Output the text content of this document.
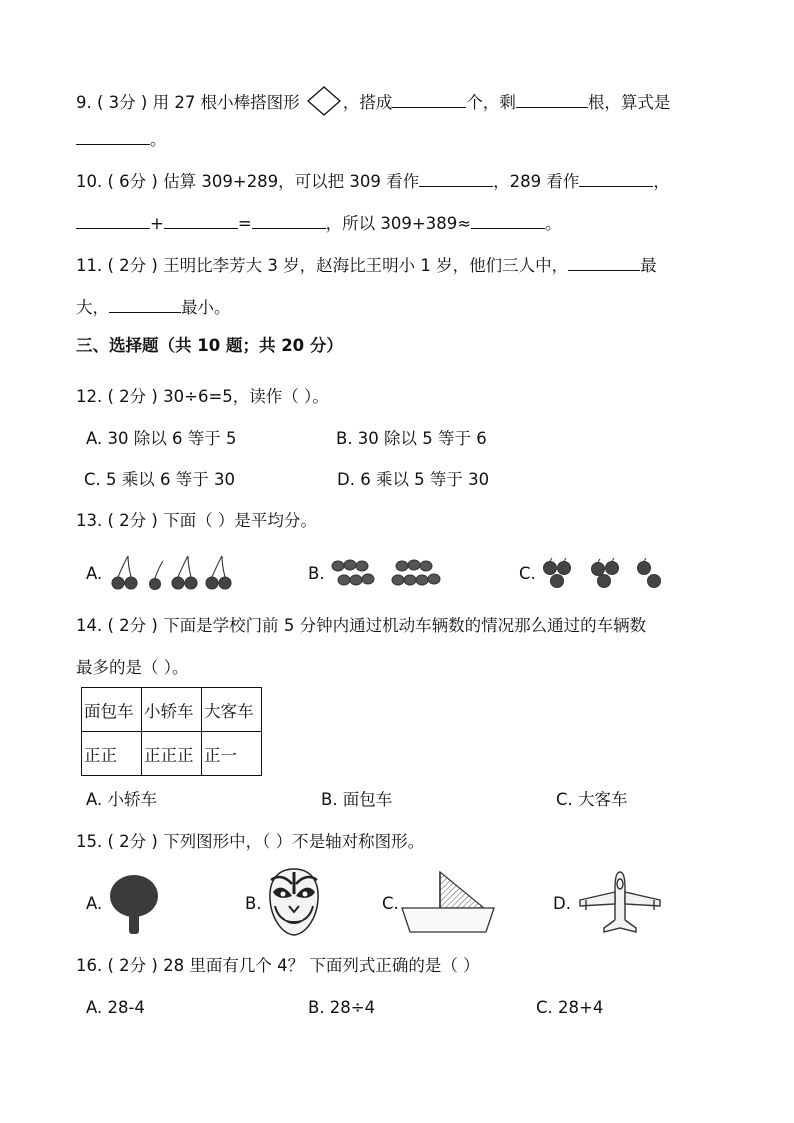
9. ( 3分 ) 用 27 根小棒搭图形	，搭成	个，剩	根，算式是
。
10. ( 6分 ) 估算 309+289，可以把 309 看作	，289 看作	，
+	=	，所以 309+389≈	。
11. ( 2分 ) 王明比李芳大 3 岁，赵海比王明小 1 岁，他们三人中，	最
大，	最小。
三、选择题（共 10 题；共 20 分）
12. ( 2分 ) 30÷6=5，读作（ ）。
A. 30 除以 6 等于 5	B. 30 除以 5 等于 6
C. 5 乘以 6 等于 30	D. 6 乘以 5 等于 30
13. ( 2分 ) 下面（ ）是平均分。
A.	B.	C.
14. ( 2分 ) 下面是学校门前 5 分钟内通过机动车辆数的情况那么通过的车辆数
最多的是（ ）。
面包车	小轿车	大客车
正正	正正正	正一
A. 小轿车	B. 面包车	C. 大客车
15. ( 2分 ) 下列图形中，（ ）不是轴对称图形。
A.	B.	C.	D.
16. ( 2分 ) 28 里面有几个 4？ 下面列式正确的是（ ）
A. 28-4	B. 28÷4	C. 28+4
